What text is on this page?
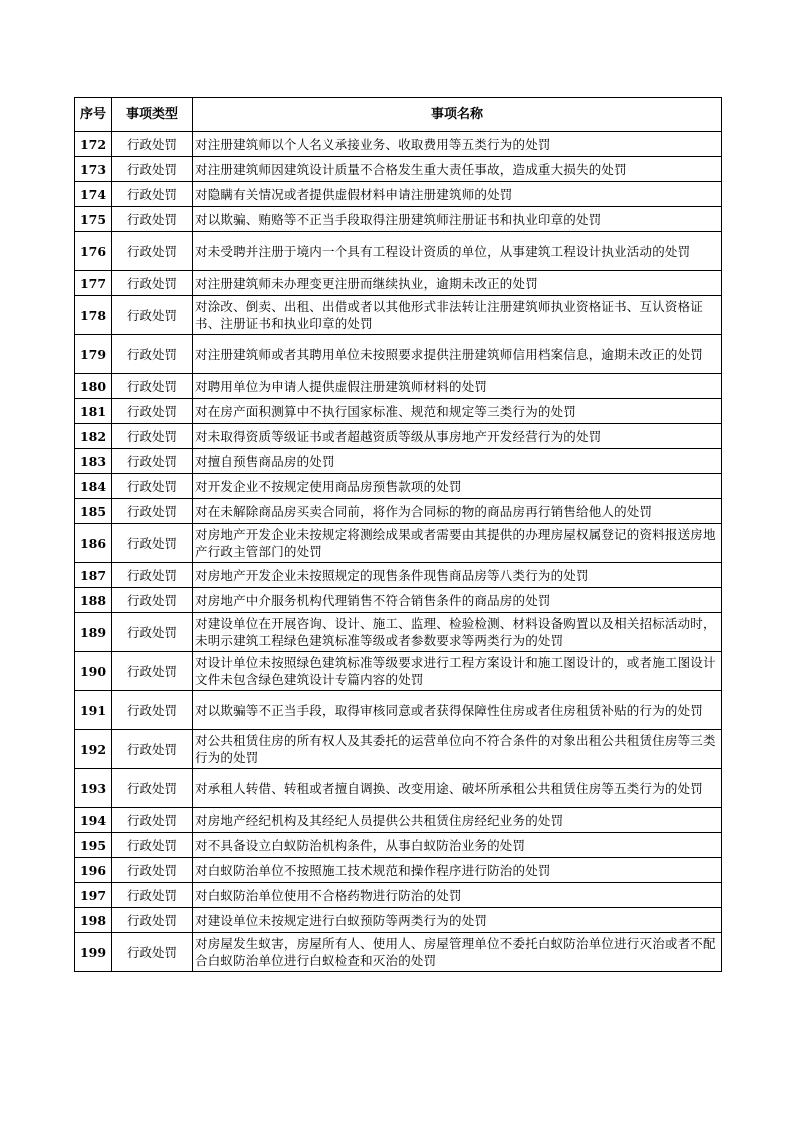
序号	事项类型	事项名称
172	行政处罚	对注册建筑师以个人名义承接业务、收取费用等五类行为的处罚
173	行政处罚	对注册建筑师因建筑设计质量不合格发生重大责任事故，造成重大损失的处罚
174	行政处罚	对隐瞒有关情况或者提供虚假材料申请注册建筑师的处罚
175	行政处罚	对以欺骗、贿赂等不正当手段取得注册建筑师注册证书和执业印章的处罚
176	行政处罚	对未受聘并注册于境内一个具有工程设计资质的单位，从事建筑工程设计执业活动的处罚
177	行政处罚	对注册建筑师未办理变更注册而继续执业，逾期未改正的处罚
178	行政处罚	对涂改、倒卖、出租、出借或者以其他形式非法转让注册建筑师执业资格证书、互认资格证书、注册证书和执业印章的处罚
179	行政处罚	对注册建筑师或者其聘用单位未按照要求提供注册建筑师信用档案信息，逾期未改正的处罚
180	行政处罚	对聘用单位为申请人提供虚假注册建筑师材料的处罚
181	行政处罚	对在房产面积测算中不执行国家标准、规范和规定等三类行为的处罚
182	行政处罚	对未取得资质等级证书或者超越资质等级从事房地产开发经营行为的处罚
183	行政处罚	对擅自预售商品房的处罚
184	行政处罚	对开发企业不按规定使用商品房预售款项的处罚
185	行政处罚	对在未解除商品房买卖合同前，将作为合同标的物的商品房再行销售给他人的处罚
186	行政处罚	对房地产开发企业未按规定将测绘成果或者需要由其提供的办理房屋权属登记的资料报送房地产行政主管部门的处罚
187	行政处罚	对房地产开发企业未按照规定的现售条件现售商品房等八类行为的处罚
188	行政处罚	对房地产中介服务机构代理销售不符合销售条件的商品房的处罚
189	行政处罚	对建设单位在开展咨询、设计、施工、监理、检验检测、材料设备购置以及相关招标活动时，未明示建筑工程绿色建筑标准等级或者参数要求等两类行为的处罚
190	行政处罚	对设计单位未按照绿色建筑标准等级要求进行工程方案设计和施工图设计的，或者施工图设计文件未包含绿色建筑设计专篇内容的处罚
191	行政处罚	对以欺骗等不正当手段，取得审核同意或者获得保障性住房或者住房租赁补贴的行为的处罚
192	行政处罚	对公共租赁住房的所有权人及其委托的运营单位向不符合条件的对象出租公共租赁住房等三类行为的处罚
193	行政处罚	对承租人转借、转租或者擅自调换、改变用途、破坏所承租公共租赁住房等五类行为的处罚
194	行政处罚	对房地产经纪机构及其经纪人员提供公共租赁住房经纪业务的处罚
195	行政处罚	对不具备设立白蚁防治机构条件，从事白蚁防治业务的处罚
196	行政处罚	对白蚁防治单位不按照施工技术规范和操作程序进行防治的处罚
197	行政处罚	对白蚁防治单位使用不合格药物进行防治的处罚
198	行政处罚	对建设单位未按规定进行白蚁预防等两类行为的处罚
199	行政处罚	对房屋发生蚁害，房屋所有人、使用人、房屋管理单位不委托白蚁防治单位进行灭治或者不配合白蚁防治单位进行白蚁检查和灭治的处罚
